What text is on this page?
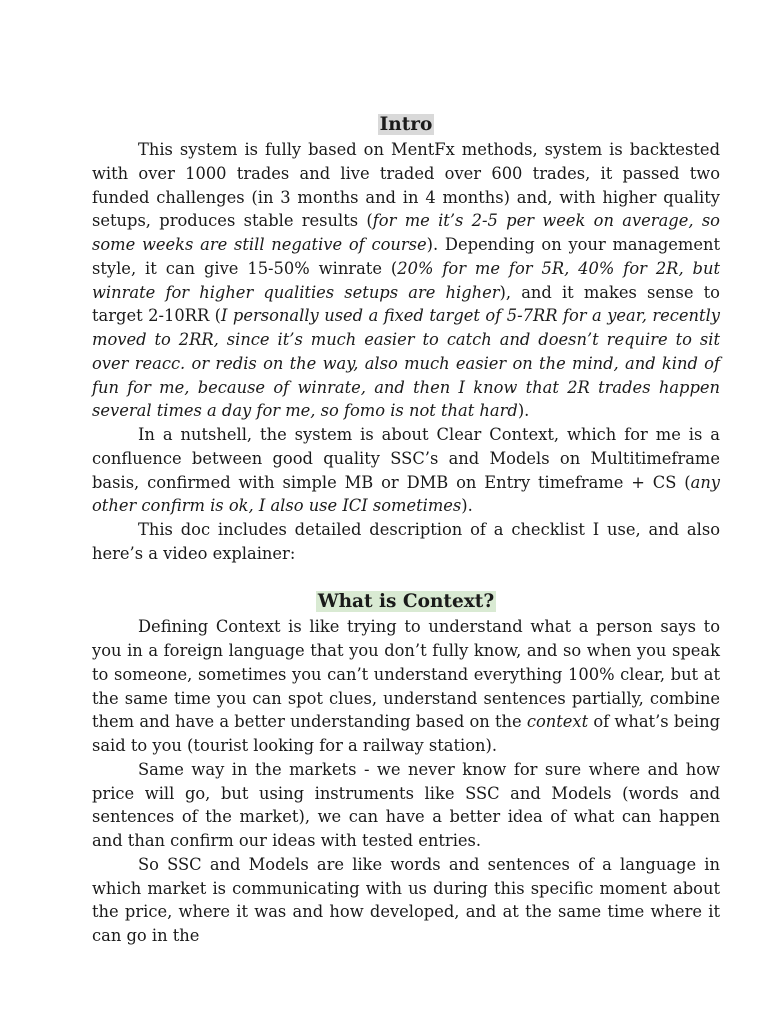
Intro

This system is fully based on MentFx methods, system is backtested with over 1000 trades and live traded over 600 trades, it passed two funded challenges (in 3 months and in 4 months) and, with higher quality setups, produces stable results (for me it’s 2-5 per week on average, so some weeks are still negative of course). Depending on your management style, it can give 15-50% winrate (20% for me for 5R, 40% for 2R, but winrate for higher qualities setups are higher), and it makes sense to target 2-10RR (I personally used a fixed target of 5-7RR for a year, recently moved to 2RR, since it’s much easier to catch and doesn’t require to sit over reacc. or redis on the way, also much easier on the mind, and kind of fun for me, because of winrate, and then I know that 2R trades happen several times a day for me, so fomo is not that hard).

In a nutshell, the system is about Clear Context, which for me is a confluence between good quality SSC’s and Models on Multitimeframe basis, confirmed with simple MB or DMB on Entry timeframe + CS (any other confirm is ok, I also use ICI sometimes).

This doc includes detailed description of a checklist I use, and also here’s a video explainer:

What is Context?

Defining Context is like trying to understand what a person says to you in a foreign language that you don’t fully know, and so when you speak to someone, sometimes you can’t understand everything 100% clear, but at the same time you can spot clues, understand sentences partially, combine them and have a better understanding based on the context of what’s being said to you (tourist looking for a railway station).

Same way in the markets - we never know for sure where and how price will go, but using instruments like SSC and Models (words and sentences of the market), we can have a better idea of what can happen and than confirm our ideas with tested entries.

So SSC and Models are like words and sentences of a language in which market is communicating with us during this specific moment about the price, where it was and how developed, and at the same time where it can go in the
